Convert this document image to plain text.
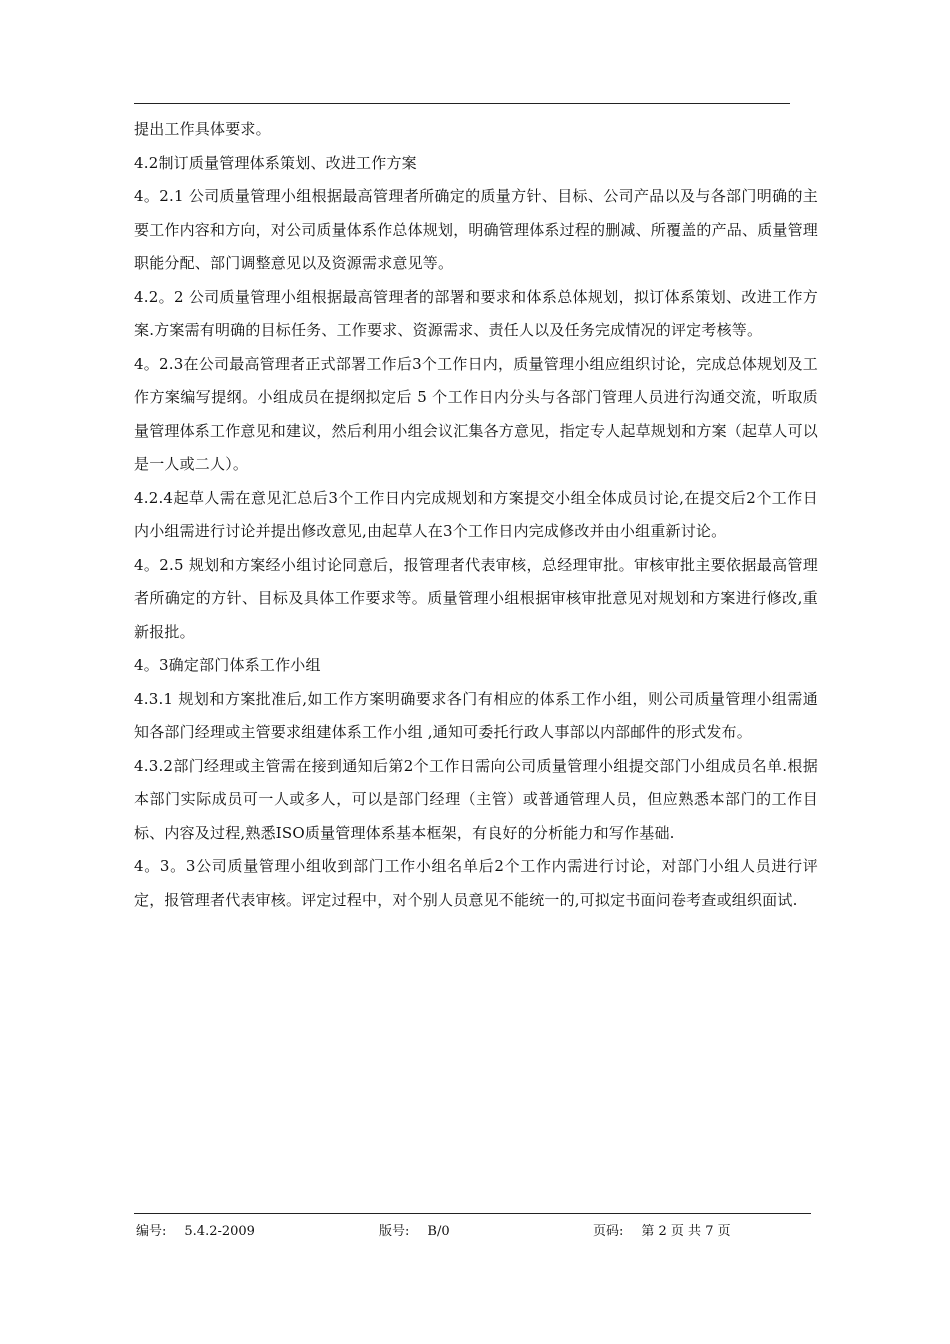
提出工作具体要求。

4.2制订质量管理体系策划、改进工作方案

4。2.1 公司质量管理小组根据最高管理者所确定的质量方针、目标、公司产品以及与各部门明确的主要工作内容和方向，对公司质量体系作总体规划，明确管理体系过程的删减、所覆盖的产品、质量管理职能分配、部门调整意见以及资源需求意见等。

4.2。2 公司质量管理小组根据最高管理者的部署和要求和体系总体规划，拟订体系策划、改进工作方案.方案需有明确的目标任务、工作要求、资源需求、责任人以及任务完成情况的评定考核等。

4。2.3在公司最高管理者正式部署工作后3个工作日内，质量管理小组应组织讨论，完成总体规划及工作方案编写提纲。小组成员在提纲拟定后 5 个工作日内分头与各部门管理人员进行沟通交流，听取质量管理体系工作意见和建议，然后利用小组会议汇集各方意见，指定专人起草规划和方案（起草人可以是一人或二人）。

4.2.4起草人需在意见汇总后3个工作日内完成规划和方案提交小组全体成员讨论,在提交后2个工作日内小组需进行讨论并提出修改意见,由起草人在3个工作日内完成修改并由小组重新讨论。

4。2.5 规划和方案经小组讨论同意后，报管理者代表审核，总经理审批。审核审批主要依据最高管理者所确定的方针、目标及具体工作要求等。质量管理小组根据审核审批意见对规划和方案进行修改,重新报批。

4。3确定部门体系工作小组

4.3.1 规划和方案批准后,如工作方案明确要求各门有相应的体系工作小组，则公司质量管理小组需通知各部门经理或主管要求组建体系工作小组 ,通知可委托行政人事部以内部邮件的形式发布。

4.3.2部门经理或主管需在接到通知后第2个工作日需向公司质量管理小组提交部门小组成员名单.根据本部门实际成员可一人或多人，可以是部门经理（主管）或普通管理人员，但应熟悉本部门的工作目标、内容及过程,熟悉ISO质量管理体系基本框架，有良好的分析能力和写作基础.

4。3。3公司质量管理小组收到部门工作小组名单后2个工作内需进行讨论，对部门小组人员进行评定，报管理者代表审核。评定过程中，对个别人员意见不能统一的,可拟定书面问卷考查或组织面试.

编号: 5.4.2-2009	版号: B/0	页码: 第 2 页 共 7 页
